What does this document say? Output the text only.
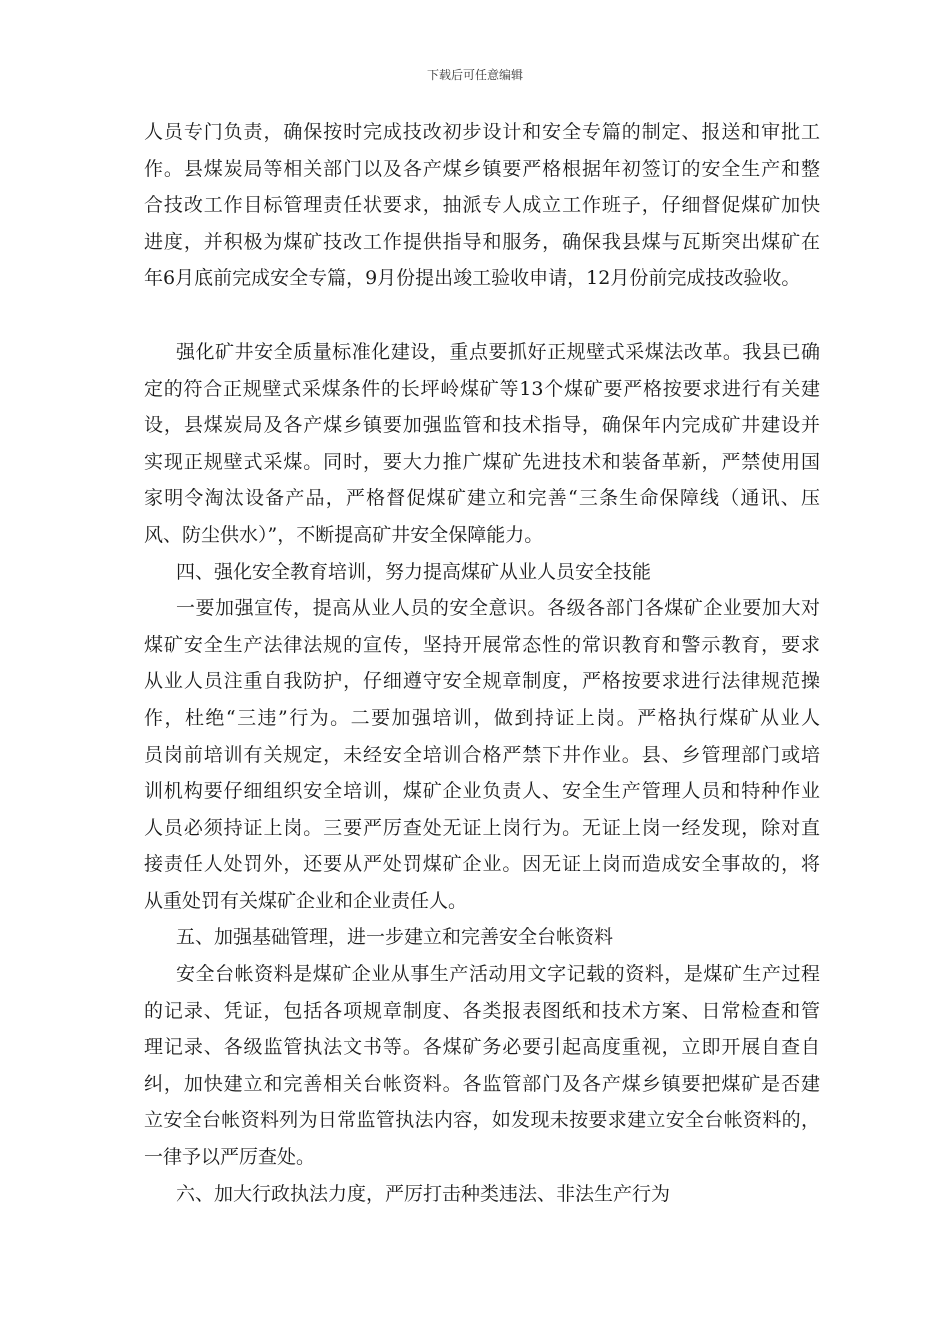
下载后可任意编辑
人员专门负责，确保按时完成技改初步设计和安全专篇的制定、报送和审批工
作。县煤炭局等相关部门以及各产煤乡镇要严格根据年初签订的安全生产和整
合技改工作目标管理责任状要求，抽派专人成立工作班子，仔细督促煤矿加快
进度，并积极为煤矿技改工作提供指导和服务，确保我县煤与瓦斯突出煤矿在
年6月底前完成安全专篇，9月份提出竣工验收申请，12月份前完成技改验收。
强化矿井安全质量标准化建设，重点要抓好正规壁式采煤法改革。我县已确
定的符合正规壁式采煤条件的长坪岭煤矿等13个煤矿要严格按要求进行有关建
设，县煤炭局及各产煤乡镇要加强监管和技术指导，确保年内完成矿井建设并
实现正规壁式采煤。同时，要大力推广煤矿先进技术和装备革新，严禁使用国
家明令淘汰设备产品，严格督促煤矿建立和完善“三条生命保障线（通讯、压
风、防尘供水）”，不断提高矿井安全保障能力。
四、强化安全教育培训，努力提高煤矿从业人员安全技能
一要加强宣传，提高从业人员的安全意识。各级各部门各煤矿企业要加大对
煤矿安全生产法律法规的宣传，坚持开展常态性的常识教育和警示教育，要求
从业人员注重自我防护，仔细遵守安全规章制度，严格按要求进行法律规范操
作，杜绝“三违”行为。二要加强培训，做到持证上岗。严格执行煤矿从业人
员岗前培训有关规定，未经安全培训合格严禁下井作业。县、乡管理部门或培
训机构要仔细组织安全培训，煤矿企业负责人、安全生产管理人员和特种作业
人员必须持证上岗。三要严厉查处无证上岗行为。无证上岗一经发现，除对直
接责任人处罚外，还要从严处罚煤矿企业。因无证上岗而造成安全事故的，将
从重处罚有关煤矿企业和企业责任人。
五、加强基础管理，进一步建立和完善安全台帐资料
安全台帐资料是煤矿企业从事生产活动用文字记载的资料，是煤矿生产过程
的记录、凭证，包括各项规章制度、各类报表图纸和技术方案、日常检查和管
理记录、各级监管执法文书等。各煤矿务必要引起高度重视，立即开展自查自
纠，加快建立和完善相关台帐资料。各监管部门及各产煤乡镇要把煤矿是否建
立安全台帐资料列为日常监管执法内容，如发现未按要求建立安全台帐资料的，
一律予以严厉查处。
六、加大行政执法力度，严厉打击种类违法、非法生产行为
